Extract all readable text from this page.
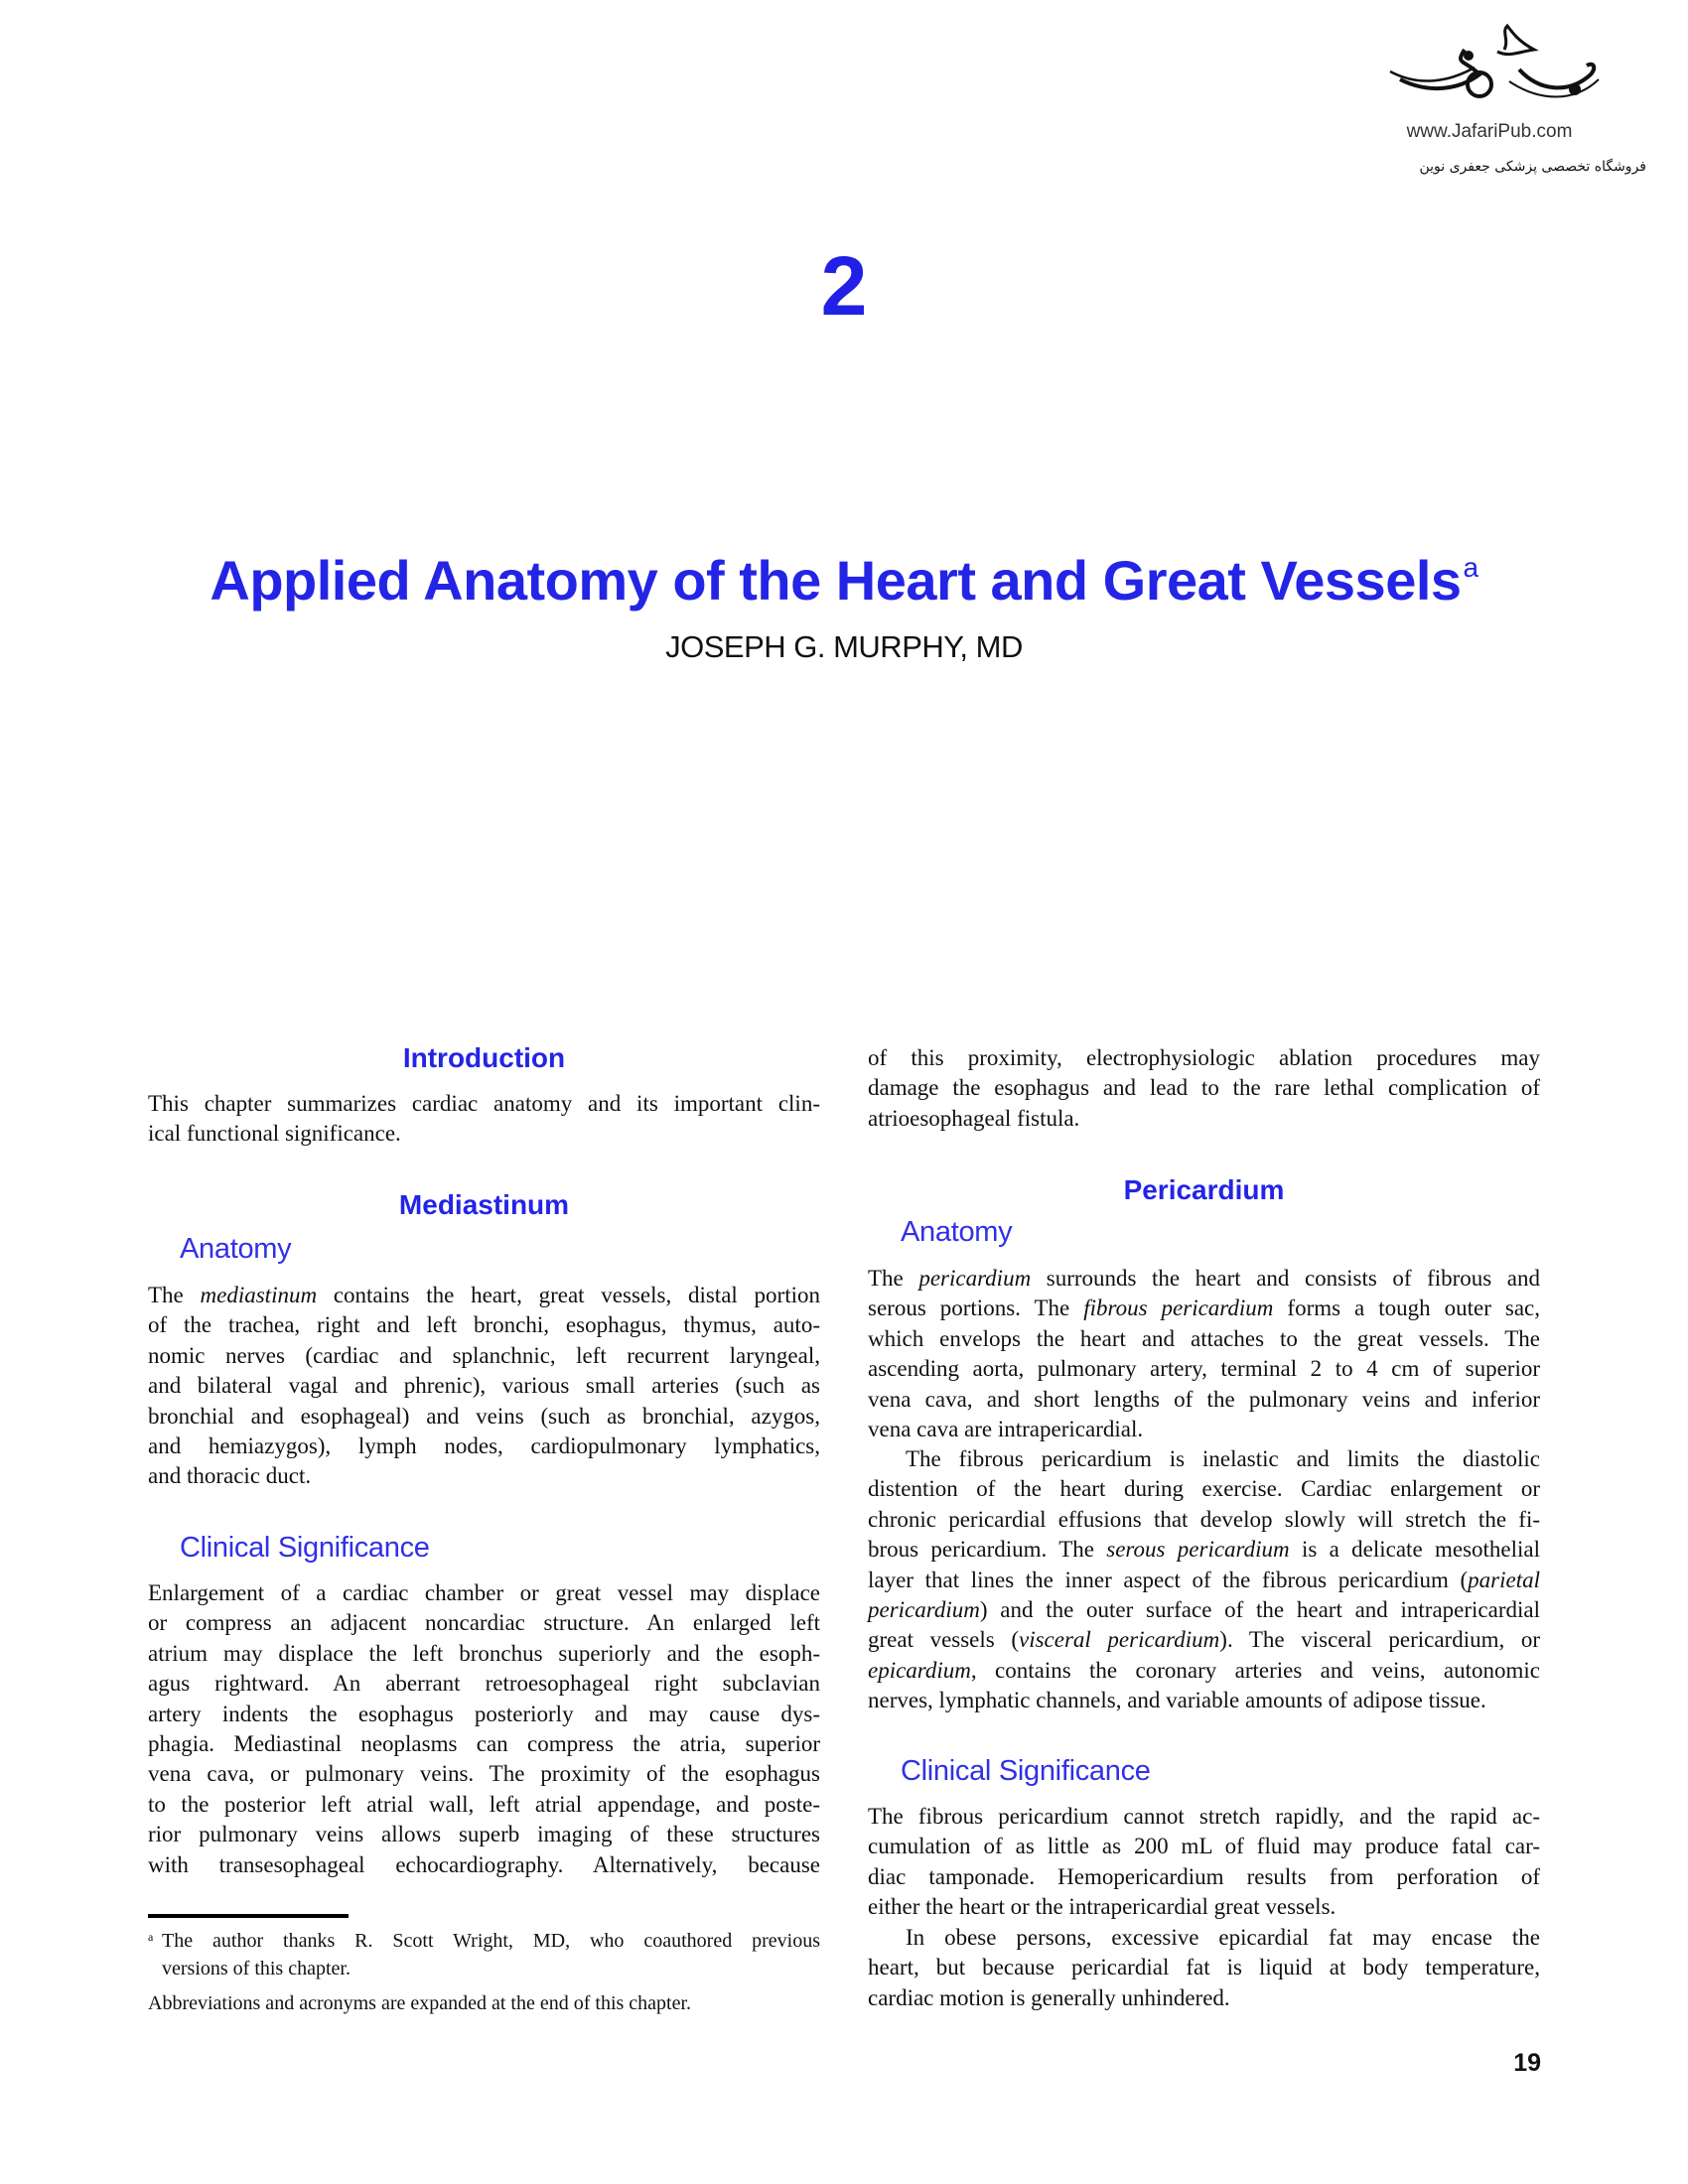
www.JafariPub.com
فروشگاه تخصصی پزشکی جعفری نوین
2
Applied Anatomy of the Heart and Great Vessels$^a$
JOSEPH G. MURPHY, MD
Introduction
This chapter summarizes cardiac anatomy and its important clin-
ical functional significance.
Mediastinum
Anatomy
The mediastinum contains the heart, great vessels, distal portion
of the trachea, right and left bronchi, esophagus, thymus, auto-
nomic nerves (cardiac and splanchnic, left recurrent laryngeal,
and bilateral vagal and phrenic), various small arteries (such as
bronchial and esophageal) and veins (such as bronchial, azygos,
and hemiazygos), lymph nodes, cardiopulmonary lymphatics,
and thoracic duct.
Clinical Significance
Enlargement of a cardiac chamber or great vessel may displace
or compress an adjacent noncardiac structure. An enlarged left
atrium may displace the left bronchus superiorly and the esoph-
agus rightward. An aberrant retroesophageal right subclavian
artery indents the esophagus posteriorly and may cause dys-
phagia. Mediastinal neoplasms can compress the atria, superior
vena cava, or pulmonary veins. The proximity of the esophagus
to the posterior left atrial wall, left atrial appendage, and poste-
rior pulmonary veins allows superb imaging of these structures
with transesophageal echocardiography. Alternatively, because
a The author thanks R. Scott Wright, MD, who coauthored previous
versions of this chapter.
Abbreviations and acronyms are expanded at the end of this chapter.
of this proximity, electrophysiologic ablation procedures may
damage the esophagus and lead to the rare lethal complication of
atrioesophageal fistula.
Pericardium
Anatomy
The pericardium surrounds the heart and consists of fibrous and
serous portions. The fibrous pericardium forms a tough outer sac,
which envelops the heart and attaches to the great vessels. The
ascending aorta, pulmonary artery, terminal 2 to 4 cm of superior
vena cava, and short lengths of the pulmonary veins and inferior
vena cava are intrapericardial.
The fibrous pericardium is inelastic and limits the diastolic
distention of the heart during exercise. Cardiac enlargement or
chronic pericardial effusions that develop slowly will stretch the fi-
brous pericardium. The serous pericardium is a delicate mesothelial
layer that lines the inner aspect of the fibrous pericardium (parietal
pericardium) and the outer surface of the heart and intrapericardial
great vessels (visceral pericardium). The visceral pericardium, or
epicardium, contains the coronary arteries and veins, autonomic
nerves, lymphatic channels, and variable amounts of adipose tissue.
Clinical Significance
The fibrous pericardium cannot stretch rapidly, and the rapid ac-
cumulation of as little as 200 mL of fluid may produce fatal car-
diac tamponade. Hemopericardium results from perforation of
either the heart or the intrapericardial great vessels.
In obese persons, excessive epicardial fat may encase the
heart, but because pericardial fat is liquid at body temperature,
cardiac motion is generally unhindered.
19
